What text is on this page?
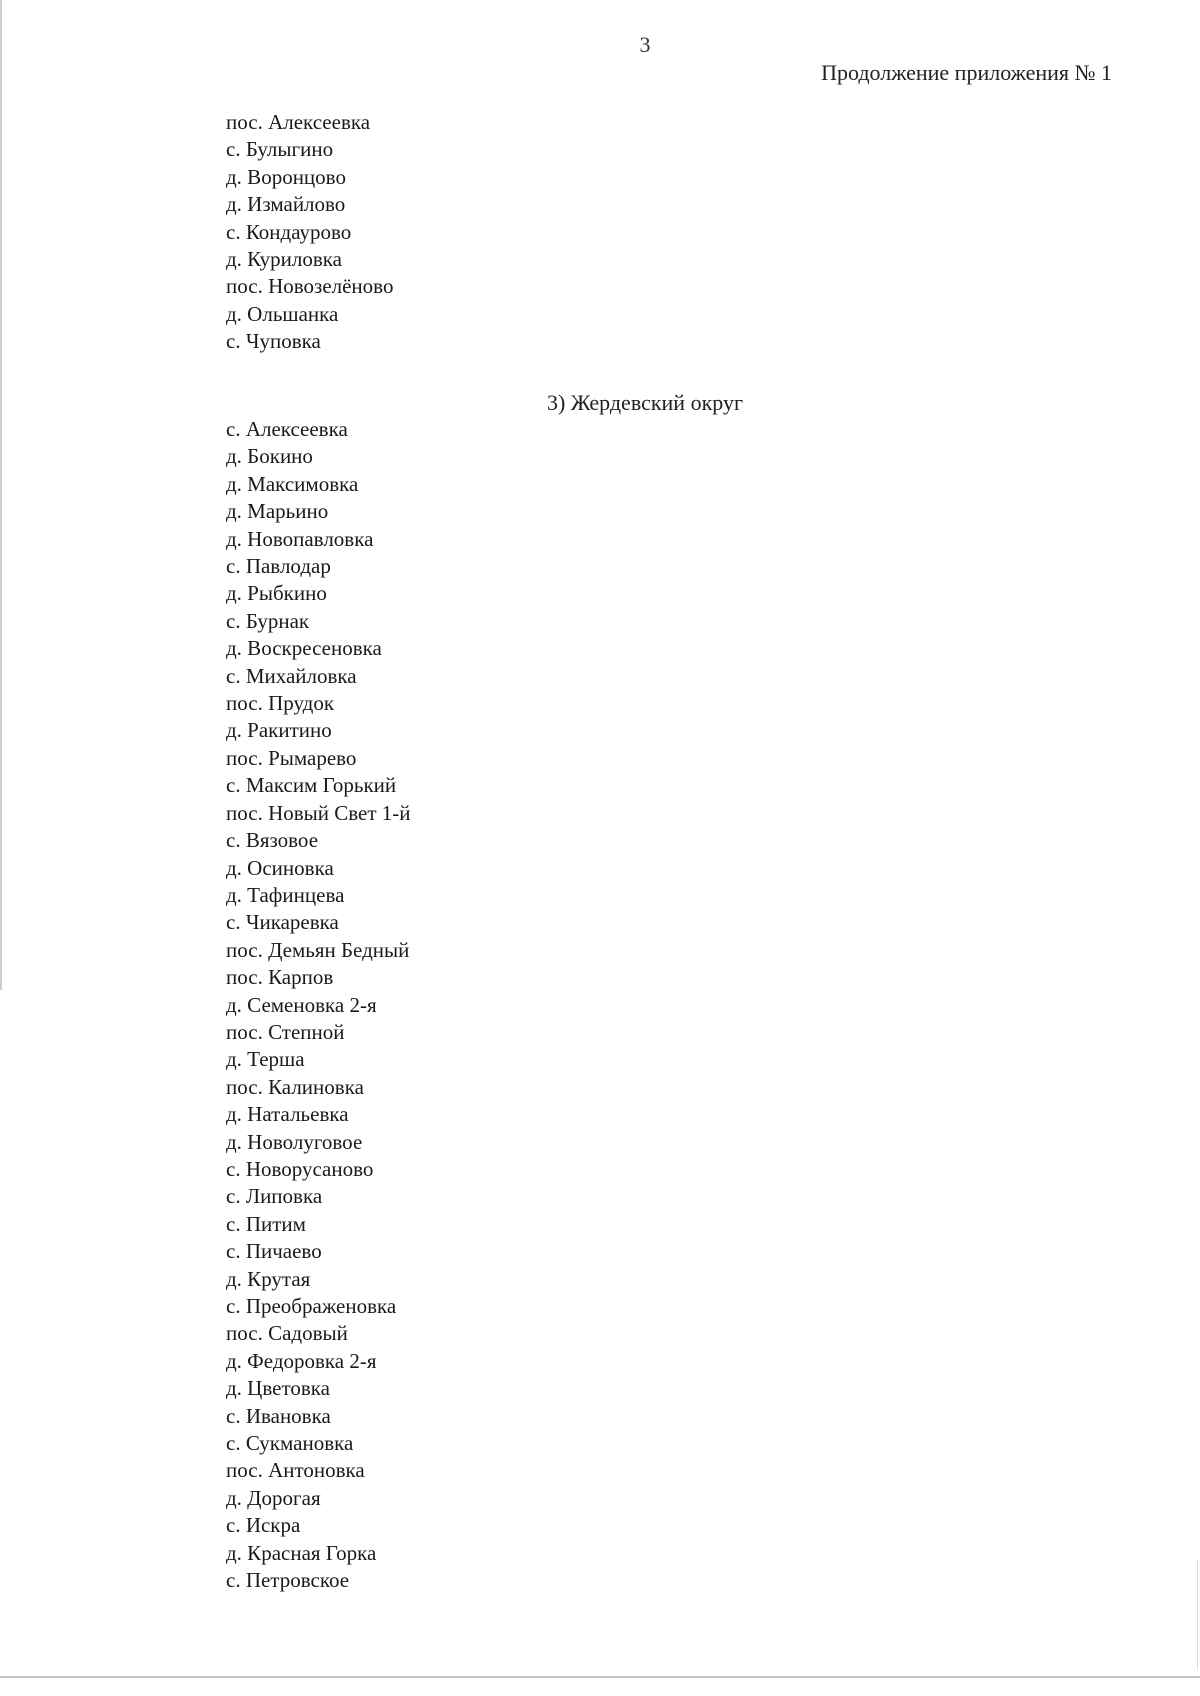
3
Продолжение приложения № 1
пос. Алексеевка
с. Булыгино
д. Воронцово
д. Измайлово
с. Кондаурово
д. Куриловка
пос. Новозелёново
д. Ольшанка
с. Чуповка
3) Жердевский округ
с. Алексеевка
д. Бокино
д. Максимовка
д. Марьино
д. Новопавловка
с. Павлодар
д. Рыбкино
с. Бурнак
д. Воскресеновка
с. Михайловка
пос. Прудок
д. Ракитино
пос. Рымарево
с. Максим Горький
пос. Новый Свет 1-й
с. Вязовое
д. Осиновка
д. Тафинцева
с. Чикаревка
пос. Демьян Бедный
пос. Карпов
д. Семеновка 2-я
пос. Степной
д. Терша
пос. Калиновка
д. Натальевка
д. Новолуговое
с. Новорусаново
с. Липовка
с. Питим
с. Пичаево
д. Крутая
с. Преображеновка
пос. Садовый
д. Федоровка 2-я
д. Цветовка
с. Ивановка
с. Сукмановка
пос. Антоновка
д. Дорогая
с. Искра
д. Красная Горка
с. Петровское
